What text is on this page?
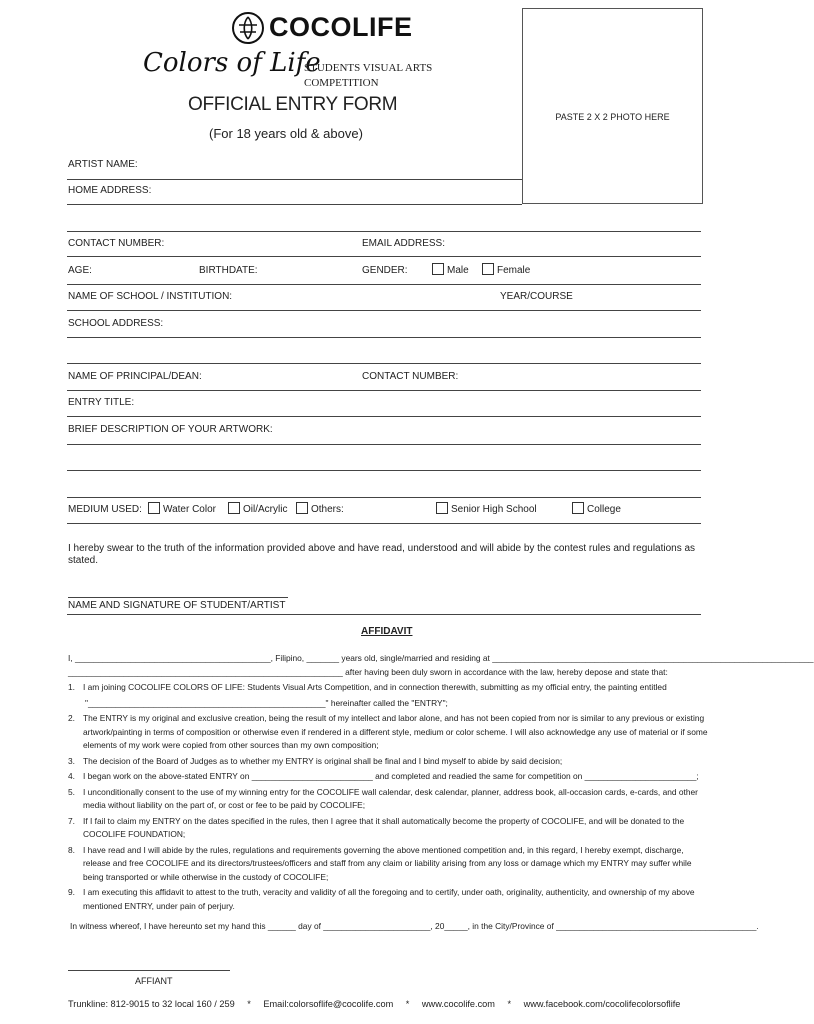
COCOLIFE
Colors of Life
STUDENTS VISUAL ARTS COMPETITION
OFFICIAL ENTRY FORM
(For 18 years old & above)
PASTE 2 X 2 PHOTO HERE
ARTIST NAME:
HOME ADDRESS:
CONTACT NUMBER:	EMAIL ADDRESS:
AGE:	BIRTHDATE:	GENDER:	Male	Female
NAME OF SCHOOL / INSTITUTION:	YEAR/COURSE
SCHOOL ADDRESS:
NAME OF PRINCIPAL/DEAN:	CONTACT NUMBER:
ENTRY TITLE:
BRIEF DESCRIPTION OF YOUR ARTWORK:
MEDIUM USED:	Water Color	Oil/Acrylic	Others:	Senior High School	College
I hereby swear to the truth of the information provided above and have read, understood and will abide by the contest rules and regulations as stated.
NAME AND SIGNATURE OF STUDENT/ARTIST
AFFIDAVIT
I, __________________________________________, Filipino, _______ years old, single/married and residing at _____________________________________________________________________
___________________________________________________________ after having been duly sworn in accordance with the law, hereby depose and state that:
1. I am joining COCOLIFE COLORS OF LIFE: Students Visual Arts Competition, and in connection therewith, submitting as my official entry, the painting entitled
"___________________________________________________" hereinafter called the "ENTRY";
2. The ENTRY is my original and exclusive creation, being the result of my intellect and labor alone, and has not been copied from nor is similar to any previous or existing artwork/painting in terms of composition or otherwise even if rendered in a different style, medium or color scheme. I will also acknowledge any use of material or if some elements of my work were copied from other sources than my own composition;
3. The decision of the Board of Judges as to whether my ENTRY is original shall be final and I bind myself to abide by said decision;
4. I began work on the above-stated ENTRY on __________________________ and completed and readied the same for competition on ________________________;
5. I unconditionally consent to the use of my winning entry for the COCOLIFE wall calendar, desk calendar, planner, address book, all-occasion cards, e-cards, and other media without liability on the part of, or cost or fee to be paid by COCOLIFE;
7. If I fail to claim my ENTRY on the dates specified in the rules, then I agree that it shall automatically become the property of COCOLIFE, and will be donated to the COCOLIFE FOUNDATION;
8. I have read and I will abide by the rules, regulations and requirements governing the above mentioned competition and, in this regard, I hereby exempt, discharge, release and free COCOLIFE and its directors/trustees/officers and staff from any claim or liability arising from any loss or damage which my ENTRY may suffer while being transported or while otherwise in the custody of COCOLIFE;
9. I am executing this affidavit to attest to the truth, veracity and validity of all the foregoing and to certify, under oath, originality, authenticity, and ownership of my above mentioned ENTRY, under pain of perjury.
In witness whereof, I have hereunto set my hand this ______ day of _______________________, 20_____, in the City/Province of ___________________________________________.
AFFIANT
Trunkline: 812-9015 to 32 local 160 / 259 * Email:colorsoflife@cocolife.com * www.cocolife.com * www.facebook.com/cocolifecolorsoflife
